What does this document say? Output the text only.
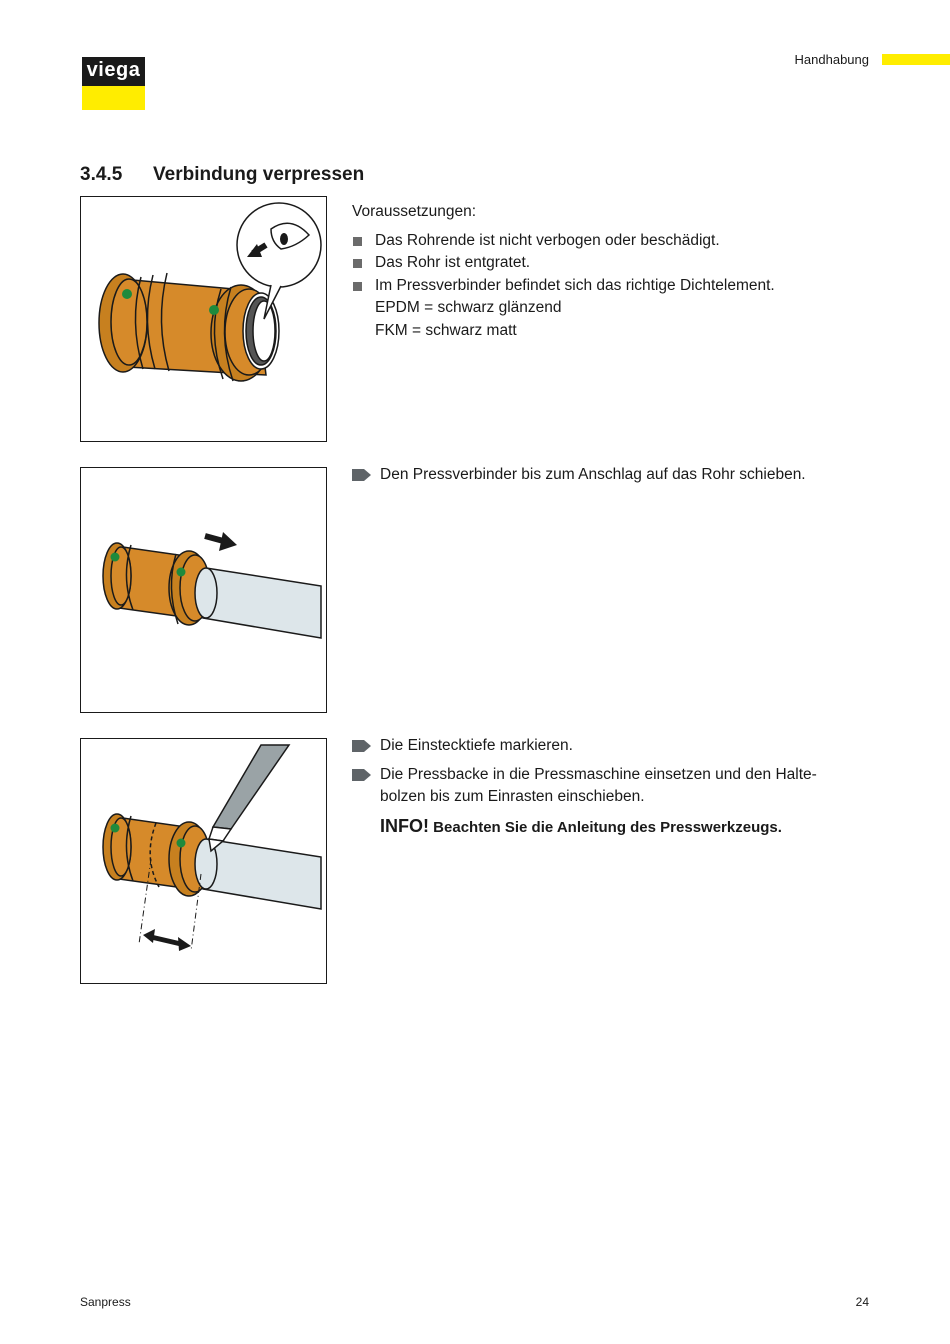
viega	Handhabung
3.4.5 Verbindung verpressen
Voraussetzungen:
Das Rohrende ist nicht verbogen oder beschädigt.
Das Rohr ist entgratet.
Im Pressverbinder befindet sich das richtige Dichtelement.
EPDM = schwarz glänzend
FKM = schwarz matt
Den Pressverbinder bis zum Anschlag auf das Rohr schieben.
Die Einstecktiefe markieren.
Die Pressbacke in die Pressmaschine einsetzen und den Halte- bolzen bis zum Einrasten einschieben.
INFO! Beachten Sie die Anleitung des Presswerkzeugs.
Sanpress	24
